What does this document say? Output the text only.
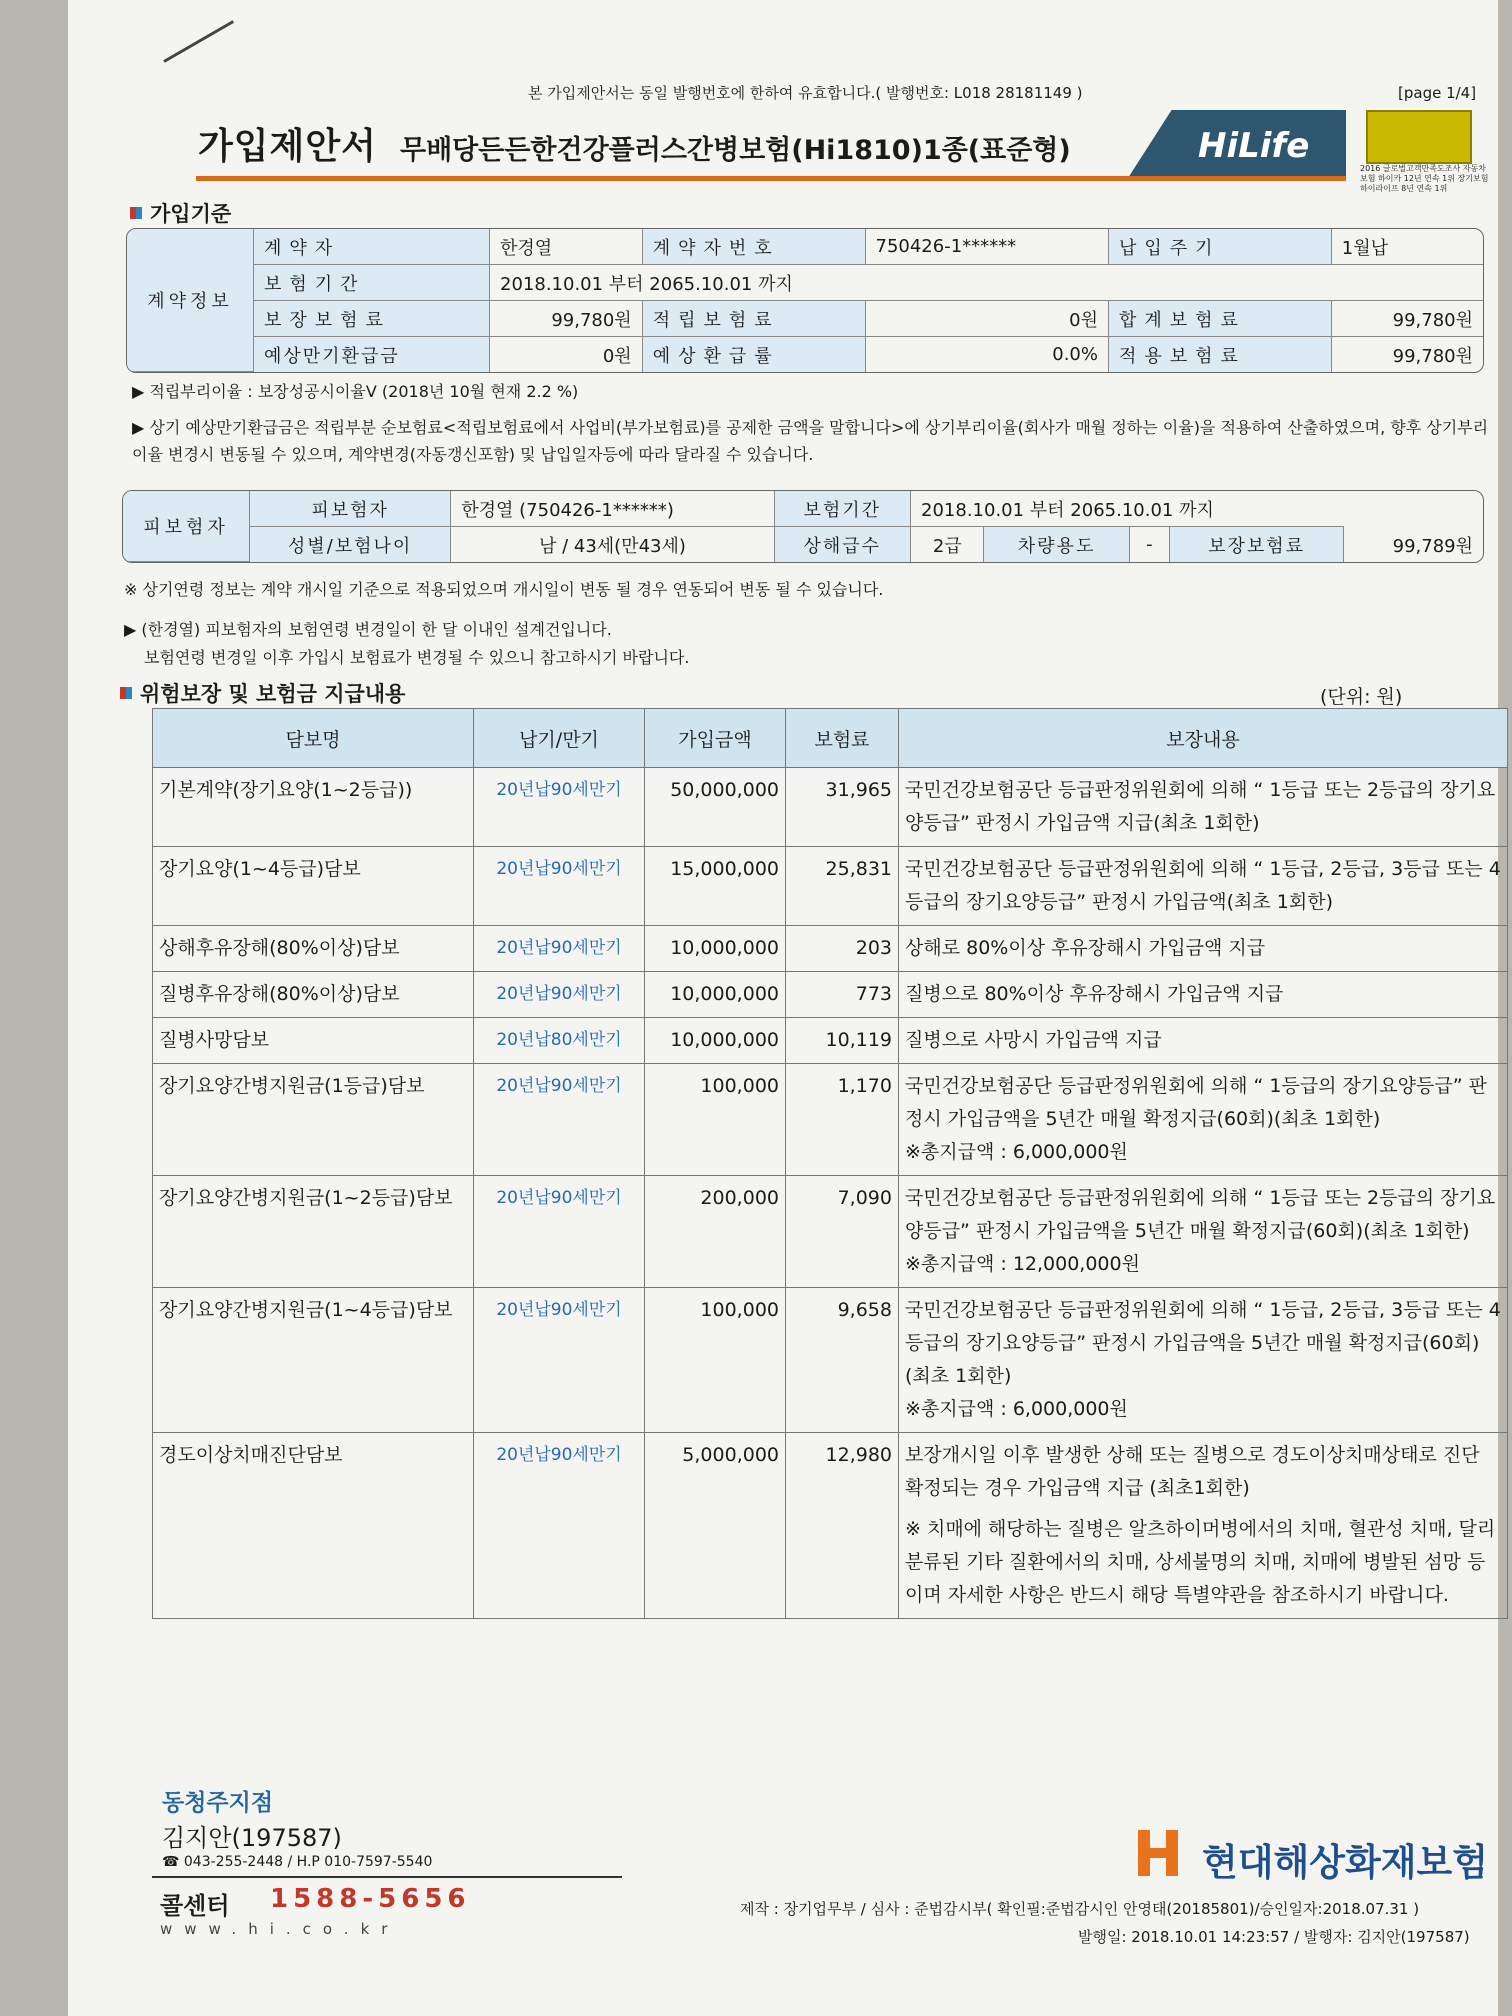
본 가입제안서는 동일 발행번호에 한하여 유효합니다.( 발행번호: L018 28181149 )	[page 1/4]
가입제안서 무배당든든한건강플러스간병보험(Hi1810)1종(표준형)	HiLife
2016 글로벌고객만족도조사 자동차보험 하이카 12년 연속 1위 장기보험 하이라이프 8년 연속 1위
가입기준
계약정보	계약자	한경열	계약자번호	750426-1******	납입주기	1월납
	보험기간	2018.10.01 부터 2065.10.01 까지				
	보장보험료	99,780원	적립보험료	0원	합계보험료	99,780원
	예상만기환급금	0원	예상환급률	0.0%	적용보험료	99,780원
▶ 적립부리이율 : 보장성공시이율Ⅴ (2018년 10월 현재 2.2 %)
▶ 상기 예상만기환급금은 적립부분 순보험료<적립보험료에서 사업비(부가보험료)를 공제한 금액을 말합니다>에 상기부리이율(회사가 매월 정하는 이율)을 적용하여 산출하였으며, 향후 상기부리이율 변경시 변동될 수 있으며, 계약변경(자동갱신포함) 및 납입일자등에 따라 달라질 수 있습니다.
피보험자	피보험자	한경열 (750426-1******)	보험기간	2018.10.01 부터 2065.10.01 까지				
	성별/보험나이	남 / 43세(만43세)	상해급수	2급	차량용도	-	보장보험료	99,789원
※ 상기연령 정보는 계약 개시일 기준으로 적용되었으며 개시일이 변동 될 경우 연동되어 변동 될 수 있습니다.
▶ (한경열) 피보험자의 보험연령 변경일이 한 달 이내인 설계건입니다.
보험연령 변경일 이후 가입시 보험료가 변경될 수 있으니 참고하시기 바랍니다.
위험보장 및 보험금 지급내용	(단위: 원)
담보명	납기/만기	가입금액	보험료	보장내용
기본계약(장기요양(1~2등급))	20년납90세만기	50,000,000	31,965	국민건강보험공단 등급판정위원회에 의해 “ 1등급 또는 2등급의 장기요양등급” 판정시 가입금액 지급(최초 1회한)
장기요양(1~4등급)담보	20년납90세만기	15,000,000	25,831	국민건강보험공단 등급판정위원회에 의해 “ 1등급, 2등급, 3등급 또는 4등급의 장기요양등급” 판정시 가입금액(최초 1회한)
상해후유장해(80%이상)담보	20년납90세만기	10,000,000	203	상해로 80%이상 후유장해시 가입금액 지급
질병후유장해(80%이상)담보	20년납90세만기	10,000,000	773	질병으로 80%이상 후유장해시 가입금액 지급
질병사망담보	20년납80세만기	10,000,000	10,119	질병으로 사망시 가입금액 지급
장기요양간병지원금(1등급)담보	20년납90세만기	100,000	1,170	국민건강보험공단 등급판정위원회에 의해 “ 1등급의 장기요양등급” 판정시 가입금액을 5년간 매월 확정지급(60회)(최초 1회한)
※총지급액 : 6,000,000원

장기요양간병지원금(1~2등급)담보	20년납90세만기	200,000	7,090	국민건강보험공단 등급판정위원회에 의해 “ 1등급 또는 2등급의 장기요양등급” 판정시 가입금액을 5년간 매월 확정지급(60회)(최초 1회한)
※총지급액 : 12,000,000원

장기요양간병지원금(1~4등급)담보	20년납90세만기	100,000	9,658	국민건강보험공단 등급판정위원회에 의해 “ 1등급, 2등급, 3등급 또는 4등급의 장기요양등급” 판정시 가입금액을 5년간 매월 확정지급(60회)(최초 1회한)
※총지급액 : 6,000,000원

경도이상치매진단담보	20년납90세만기	5,000,000	12,980	보장개시일 이후 발생한 상해 또는 질병으로 경도이상치매상태로 진단 확정되는 경우 가입금액 지급 (최초1회한)
※ 치매에 해당하는 질병은 알츠하이머병에서의 치매, 혈관성 치매, 달리 분류된 기타 질환에서의 치매, 상세불명의 치매, 치매에 병발된 섬망 등이며 자세한 사항은 반드시 해당 특별약관을 참조하시기 바랍니다.
동청주지점
김지안(197587)
☎ 043-255-2448 / H.P 010-7597-5540
콜센터 1588-5656
www.hi.co.kr
현대해상화재보험
제작 : 장기업무부 / 심사 : 준법감시부( 확인필:준법감시인 안영태(20185801)/승인일자:2018.07.31 )
발행일: 2018.10.01 14:23:57 / 발행자: 김지안(197587)
